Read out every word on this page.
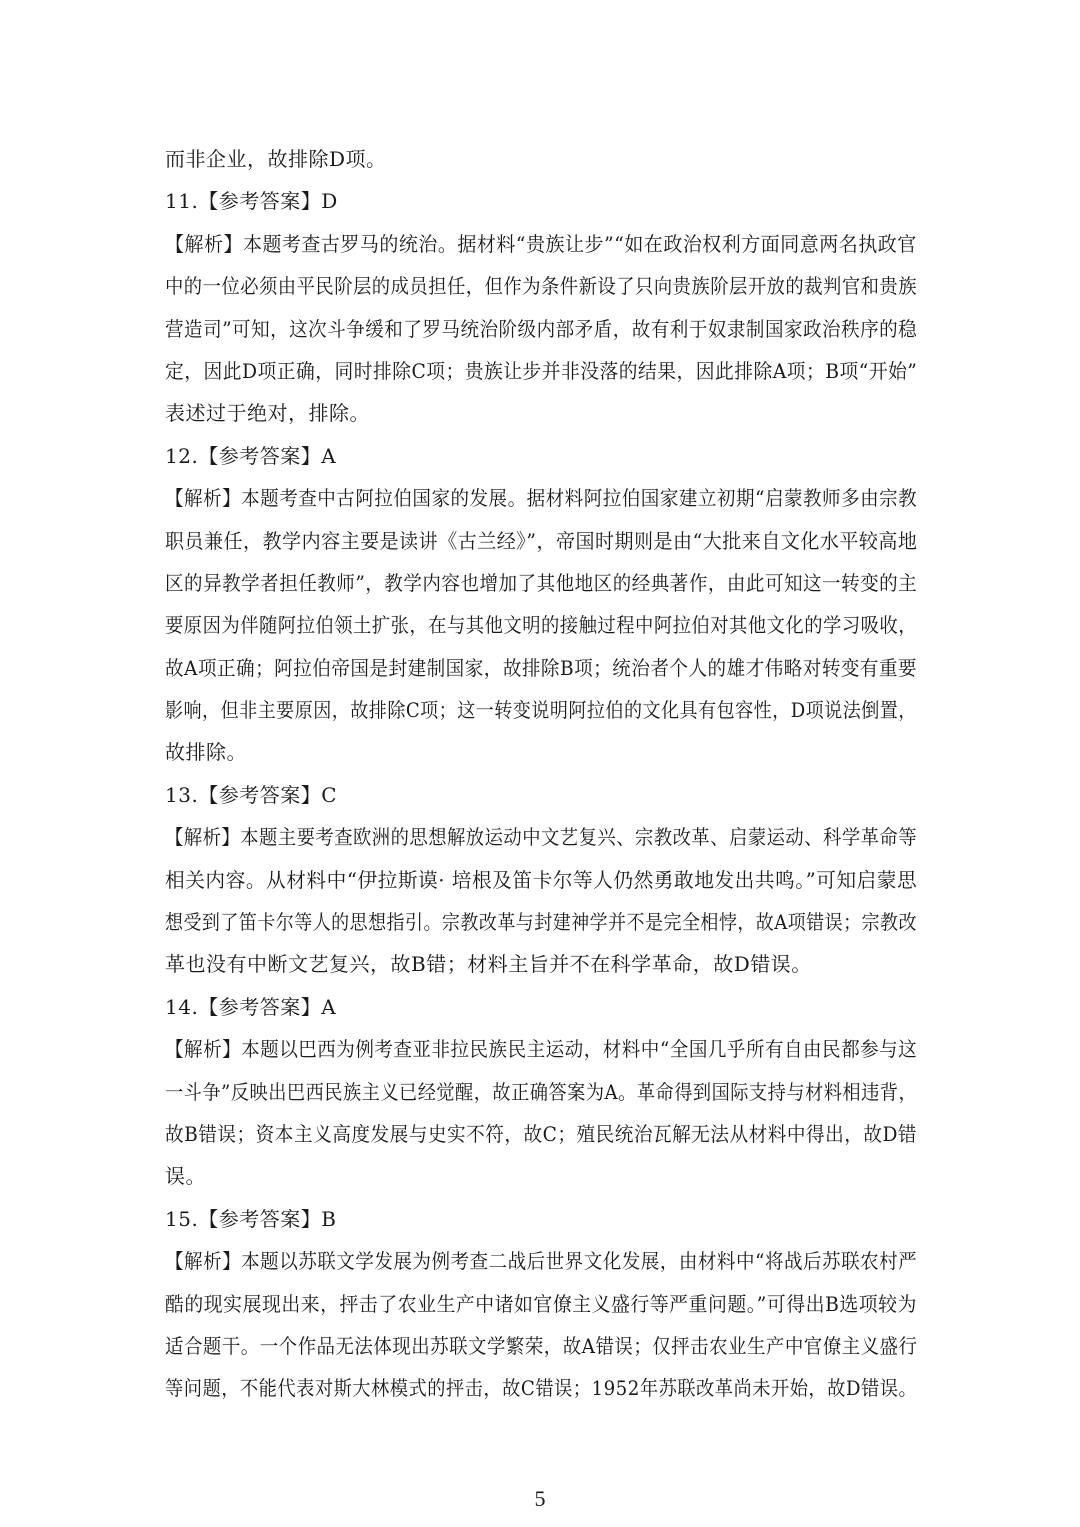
而非企业，故排除D项。
11.【参考答案】D
【解析】本题考查古罗马的统治。据材料“贵族让步”“如在政治权利方面同意两名执政官
中的一位必须由平民阶层的成员担任，但作为条件新设了只向贵族阶层开放的裁判官和贵族
营造司”可知，这次斗争缓和了罗马统治阶级内部矛盾，故有利于奴隶制国家政治秩序的稳
定，因此D项正确，同时排除C项；贵族让步并非没落的结果，因此排除A项；B项“开始”
表述过于绝对，排除。
12.【参考答案】A
【解析】本题考查中古阿拉伯国家的发展。据材料阿拉伯国家建立初期“启蒙教师多由宗教
职员兼任，教学内容主要是读讲《古兰经》”，帝国时期则是由“大批来自文化水平较高地
区的异教学者担任教师”，教学内容也增加了其他地区的经典著作，由此可知这一转变的主
要原因为伴随阿拉伯领土扩张，在与其他文明的接触过程中阿拉伯对其他文化的学习吸收，
故A项正确；阿拉伯帝国是封建制国家，故排除B项；统治者个人的雄才伟略对转变有重要
影响，但非主要原因，故排除C项；这一转变说明阿拉伯的文化具有包容性，D项说法倒置，
故排除。
13.【参考答案】C
【解析】本题主要考查欧洲的思想解放运动中文艺复兴、宗教改革、启蒙运动、科学革命等
相关内容。从材料中“伊拉斯谟· 培根及笛卡尔等人仍然勇敢地发出共鸣。”可知启蒙思
想受到了笛卡尔等人的思想指引。宗教改革与封建神学并不是完全相悖，故A项错误；宗教改
革也没有中断文艺复兴，故B错；材料主旨并不在科学革命，故D错误。
14.【参考答案】A
【解析】本题以巴西为例考查亚非拉民族民主运动，材料中“全国几乎所有自由民都参与这
一斗争”反映出巴西民族主义已经觉醒，故正确答案为A。革命得到国际支持与材料相违背，
故B错误；资本主义高度发展与史实不符，故C；殖民统治瓦解无法从材料中得出，故D错
误。
15.【参考答案】B
【解析】本题以苏联文学发展为例考查二战后世界文化发展，由材料中“将战后苏联农村严
酷的现实展现出来，抨击了农业生产中诸如官僚主义盛行等严重问题。”可得出B选项较为
适合题干。一个作品无法体现出苏联文学繁荣，故A错误；仅抨击农业生产中官僚主义盛行
等问题，不能代表对斯大林模式的抨击，故C错误；1952年苏联改革尚未开始，故D错误。
5
